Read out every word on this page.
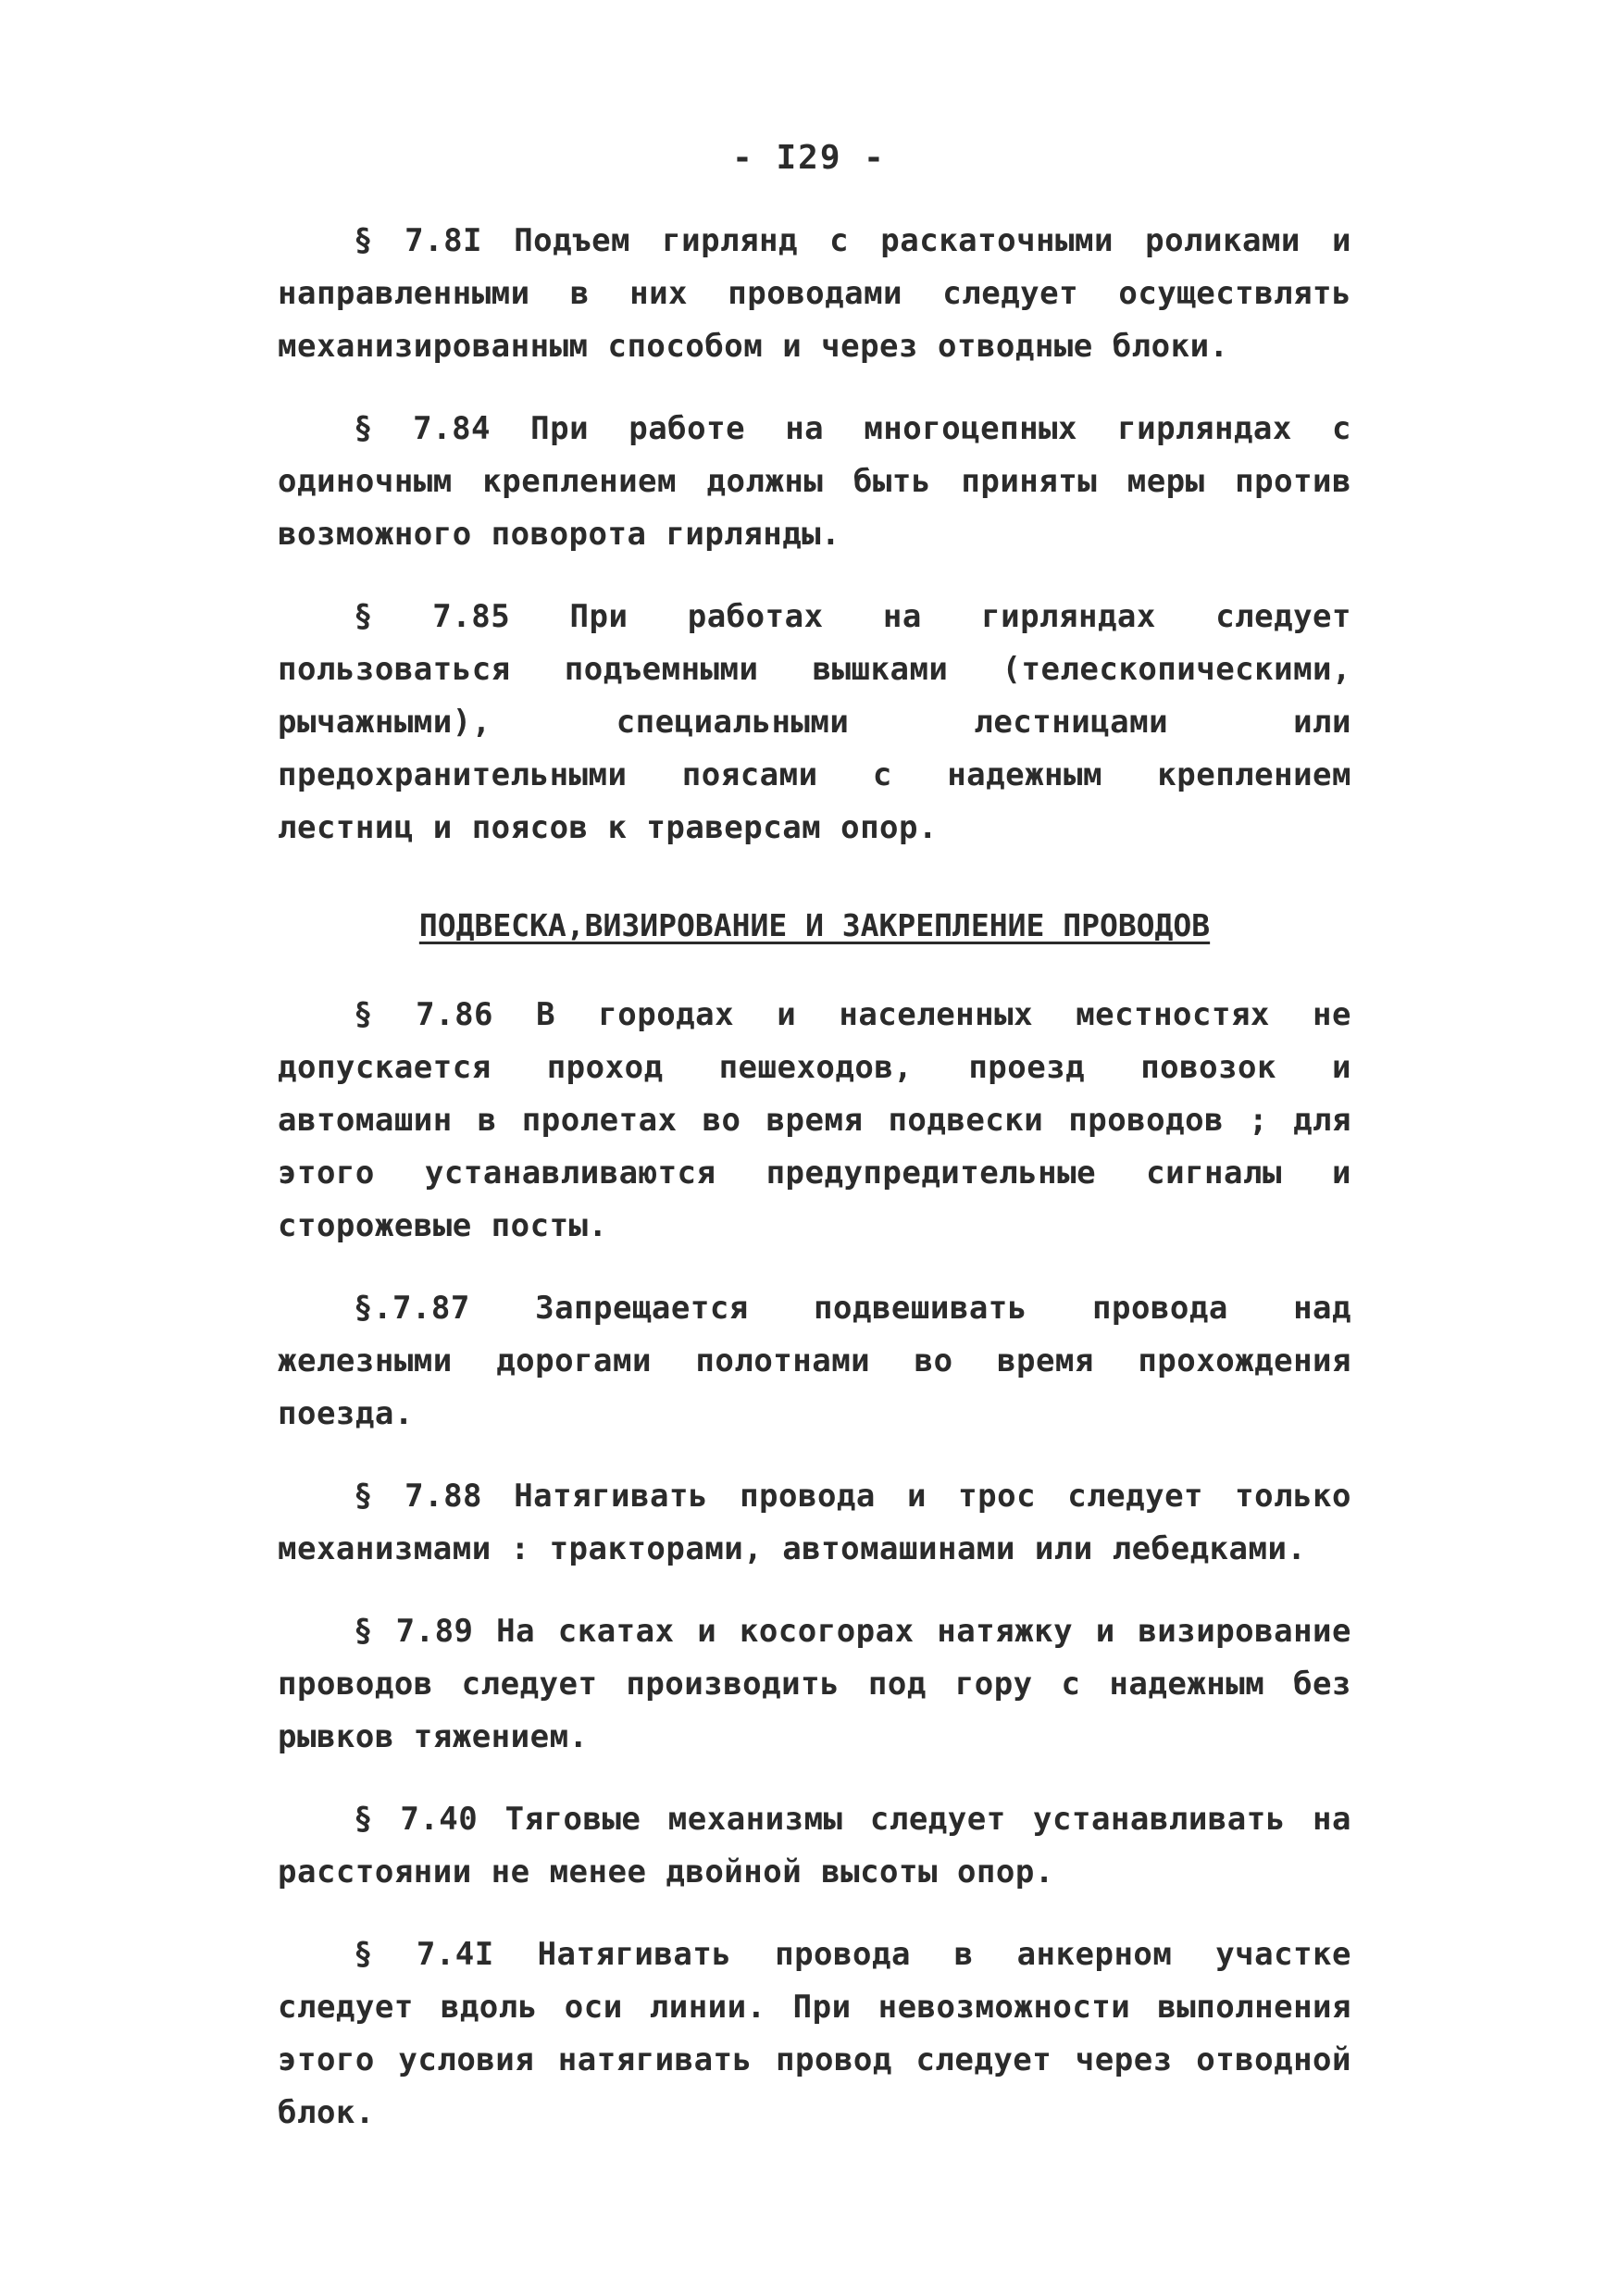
- I29 -

§ 7.8I Подъем гирлянд с раскаточными роликами и направленными в них проводами следует осуществлять механизированным способом и через отводные блоки.

§ 7.84 При работе на многоцепных гирляндах с одиночным креплением должны быть приняты меры против возможного поворота гирлянды.

§ 7.85 При работах на гирляндах следует пользоваться подъемными вышками (телескопическими, рычажными), специальными лестницами или предохранительными поясами с надежным креплением лестниц и поясов к траверсам опор.

ПОДВЕСКА,ВИЗИРОВАНИЕ И ЗАКРЕПЛЕНИЕ ПРОВОДОВ

§ 7.86 В городах и населенных местностях не допускается проход пешеходов, проезд повозок и автомашин в пролетах во время подвески проводов ; для этого устанавливаются предупредительные сигналы и сторожевые посты.

§.7.87 Запрещается подвешивать провода над железными дорогами полотнами во время прохождения поезда.

§ 7.88 Натягивать провода и трос следует только механизмами : тракторами, автомашинами или лебедками.

§ 7.89 На скатах и косогорах натяжку и визирование проводов следует производить под гору с надежным без рывков тяжением.

§ 7.40 Тяговые механизмы следует устанавливать на расстоянии не менее двойной высоты опор.

§ 7.4I Натягивать провода в анкерном участке следует вдоль оси линии. При невозможности выполнения этого условия натягивать провод следует через отводной блок.
